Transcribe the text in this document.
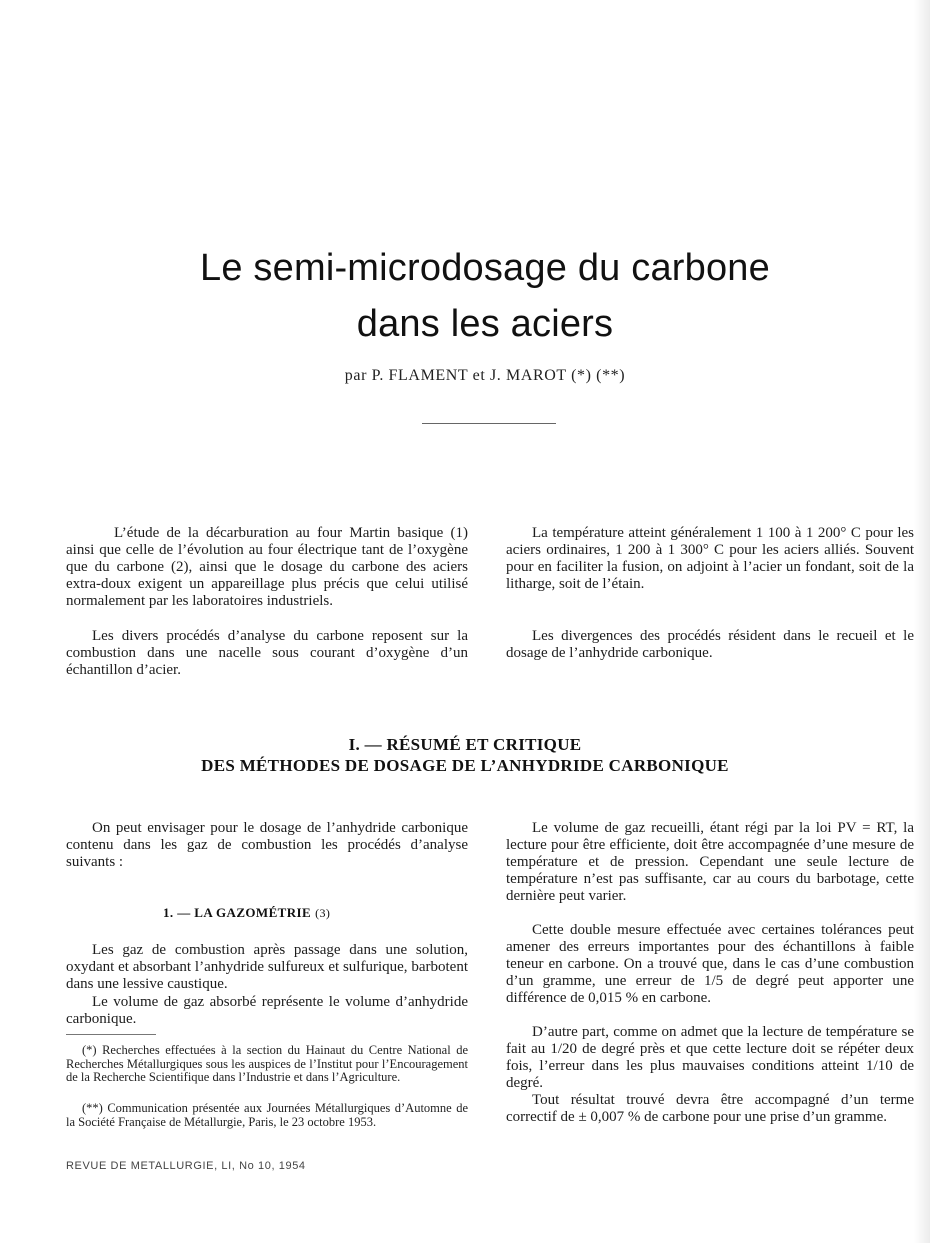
Le semi-microdosage du carbone
dans les aciers
par P. FLAMENT et J. MAROT (*) (**)

L’étude de la décarburation au four Martin basique (1) ainsi que celle de l’évolution au four électrique tant de l’oxygène que du carbone (2), ainsi que le dosage du carbone des aciers extra-doux exigent un appareillage plus précis que celui utilisé normalement par les laboratoires industriels.

Les divers procédés d’analyse du carbone reposent sur la combustion dans une nacelle sous courant d’oxygène d’un échantillon d’acier.

La température atteint généralement 1 100 à 1 200° C pour les aciers ordinaires, 1 200 à 1 300° C pour les aciers alliés. Souvent pour en faciliter la fusion, on adjoint à l’acier un fondant, soit de la litharge, soit de l’étain.

Les divergences des procédés résident dans le recueil et le dosage de l’anhydride carbonique.

I. — RÉSUMÉ ET CRITIQUE
DES MÉTHODES DE DOSAGE DE L’ANHYDRIDE CARBONIQUE

On peut envisager pour le dosage de l’anhydride carbonique contenu dans les gaz de combustion les procédés d’analyse suivants :

1. — LA GAZOMÉTRIE (3)

Les gaz de combustion après passage dans une solution, oxydant et absorbant l’anhydride sulfureux et sulfurique, barbotent dans une lessive caustique.

Le volume de gaz absorbé représente le volume d’anhydride carbonique.

(*) Recherches effectuées à la section du Hainaut du Centre National de Recherches Métallurgiques sous les auspices de l’Institut pour l’Encouragement de la Recherche Scientifique dans l’Industrie et dans l’Agriculture.

(**) Communication présentée aux Journées Métallurgiques d’Automne de la Société Française de Métallurgie, Paris, le 23 octobre 1953.

REVUE DE METALLURGIE, LI, No 10, 1954

Le volume de gaz recueilli, étant régi par la loi PV = RT, la lecture pour être efficiente, doit être accompagnée d’une mesure de température et de pression. Cependant une seule lecture de température n’est pas suffisante, car au cours du barbotage, cette dernière peut varier.

Cette double mesure effectuée avec certaines tolérances peut amener des erreurs importantes pour des échantillons à faible teneur en carbone. On a trouvé que, dans le cas d’une combustion d’un gramme, une erreur de 1/5 de degré peut apporter une différence de 0,015 % en carbone.

D’autre part, comme on admet que la lecture de température se fait au 1/20 de degré près et que cette lecture doit se répéter deux fois, l’erreur dans les plus mauvaises conditions atteint 1/10 de degré.

Tout résultat trouvé devra être accompagné d’un terme correctif de ± 0,007 % de carbone pour une prise d’un gramme.
